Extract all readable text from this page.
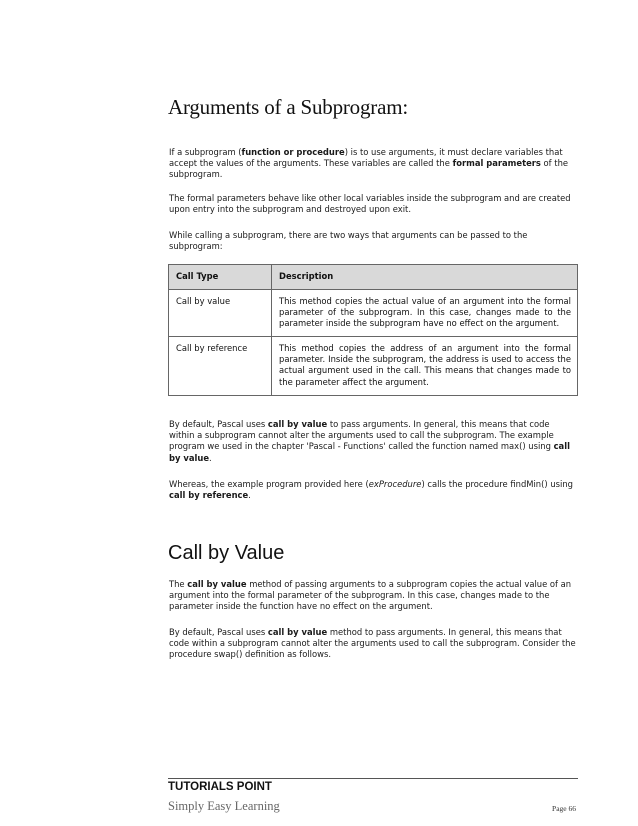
Arguments of a Subprogram:

If a subprogram (function or procedure) is to use arguments, it must declare variables that accept the values of the arguments. These variables are called the formal parameters of the subprogram.

The formal parameters behave like other local variables inside the subprogram and are created upon entry into the subprogram and destroyed upon exit.

While calling a subprogram, there are two ways that arguments can be passed to the subprogram:

Call Type	Description
Call by value	This method copies the actual value of an argument into the formal parameter of the subprogram. In this case, changes made to the parameter inside the subprogram have no effect on the argument.
Call by reference	This method copies the address of an argument into the formal parameter. Inside the subprogram, the address is used to access the actual argument used in the call. This means that changes made to the parameter affect the argument.

By default, Pascal uses call by value to pass arguments. In general, this means that code within a subprogram cannot alter the arguments used to call the subprogram. The example program we used in the chapter 'Pascal - Functions' called the function named max() using call by value.

Whereas, the example program provided here (exProcedure) calls the procedure findMin() using call by reference.

Call by Value

The call by value method of passing arguments to a subprogram copies the actual value of an argument into the formal parameter of the subprogram. In this case, changes made to the parameter inside the function have no effect on the argument.

By default, Pascal uses call by value method to pass arguments. In general, this means that code within a subprogram cannot alter the arguments used to call the subprogram. Consider the procedure swap() definition as follows.

TUTORIALS POINT
Simply Easy Learning	Page 66
